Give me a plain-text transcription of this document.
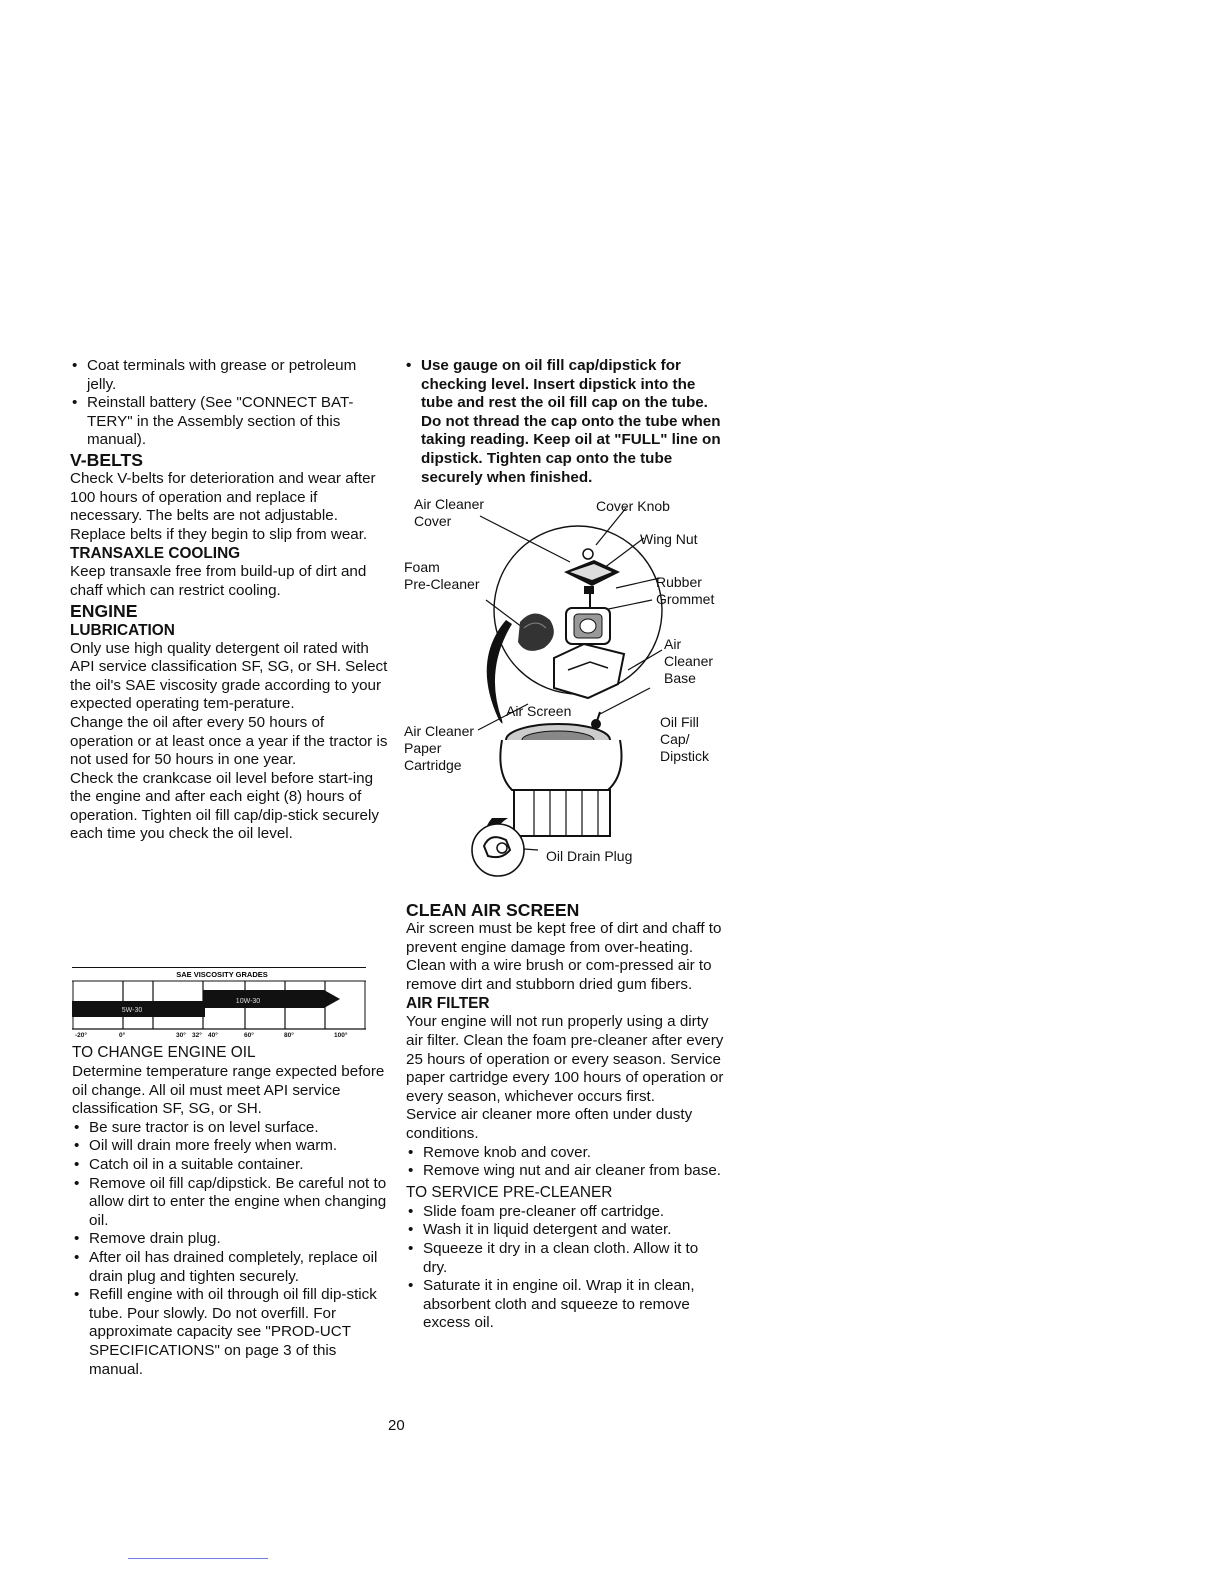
• Coat terminals with grease or petroleum jelly.
• Reinstall battery (See "CONNECT BAT-TERY" in the Assembly section of this manual).
V-BELTS

Check V-belts for deterioration and wear after 100 hours of operation and replace if necessary. The belts are not adjustable. Replace belts if they begin to slip from wear.

TRANSAXLE COOLING

Keep transaxle free from build-up of dirt and chaff which can restrict cooling.

ENGINE
LUBRICATION

Only use high quality detergent oil rated with API service classification SF, SG, or SH. Select the oil's SAE viscosity grade according to your expected operating tem-perature.

Change the oil after every 50 hours of operation or at least once a year if the tractor is not used for 50 hours in one year.

Check the crankcase oil level before start-ing the engine and after each eight (8) hours of operation. Tighten oil fill cap/dip-stick securely each time you check the oil level.

SAE VISCOSITY GRADES
10W-30
5W-30
-20°	0°	30° 32° 40°	60°	80°	100°
TO CHANGE ENGINE OIL

Determine temperature range expected before oil change. All oil must meet API service classification SF, SG, or SH.

• Be sure tractor is on level surface.
• Oil will drain more freely when warm.
• Catch oil in a suitable container.
• Remove oil fill cap/dipstick. Be careful not to allow dirt to enter the engine when changing oil.
• Remove drain plug.
• After oil has drained completely, replace oil drain plug and tighten securely.
• Refill engine with oil through oil fill dip-stick tube. Pour slowly. Do not overfill. For approximate capacity see "PROD-UCT SPECIFICATIONS" on page 3 of this manual.
• Use gauge on oil fill cap/dipstick for checking level. Insert dipstick into the tube and rest the oil fill cap on the tube. Do not thread the cap onto the tube when taking reading. Keep oil at "FULL" line on dipstick. Tighten cap onto the tube securely when finished.
Air Cleaner
Cover
Cover Knob
Wing Nut
Foam
Pre-Cleaner	Rubber
Grommet
Air
Cleaner
Base
Air Screen
Air Cleaner
Paper
Cartridge
Oil Fill
Cap/
Dipstick
Oil Drain Plug
CLEAN AIR SCREEN

Air screen must be kept free of dirt and chaff to prevent engine damage from over-heating. Clean with a wire brush or com-pressed air to remove dirt and stubborn dried gum fibers.

AIR FILTER

Your engine will not run properly using a dirty air filter. Clean the foam pre-cleaner after every 25 hours of operation or every season. Service paper cartridge every 100 hours of operation or every season, whichever occurs first.

Service air cleaner more often under dusty conditions.

• Remove knob and cover.
• Remove wing nut and air cleaner from base.
TO SERVICE PRE-CLEANER
• Slide foam pre-cleaner off cartridge.
• Wash it in liquid detergent and water.
• Squeeze it dry in a clean cloth. Allow it to dry.
• Saturate it in engine oil. Wrap it in clean, absorbent cloth and squeeze to remove excess oil.
20
